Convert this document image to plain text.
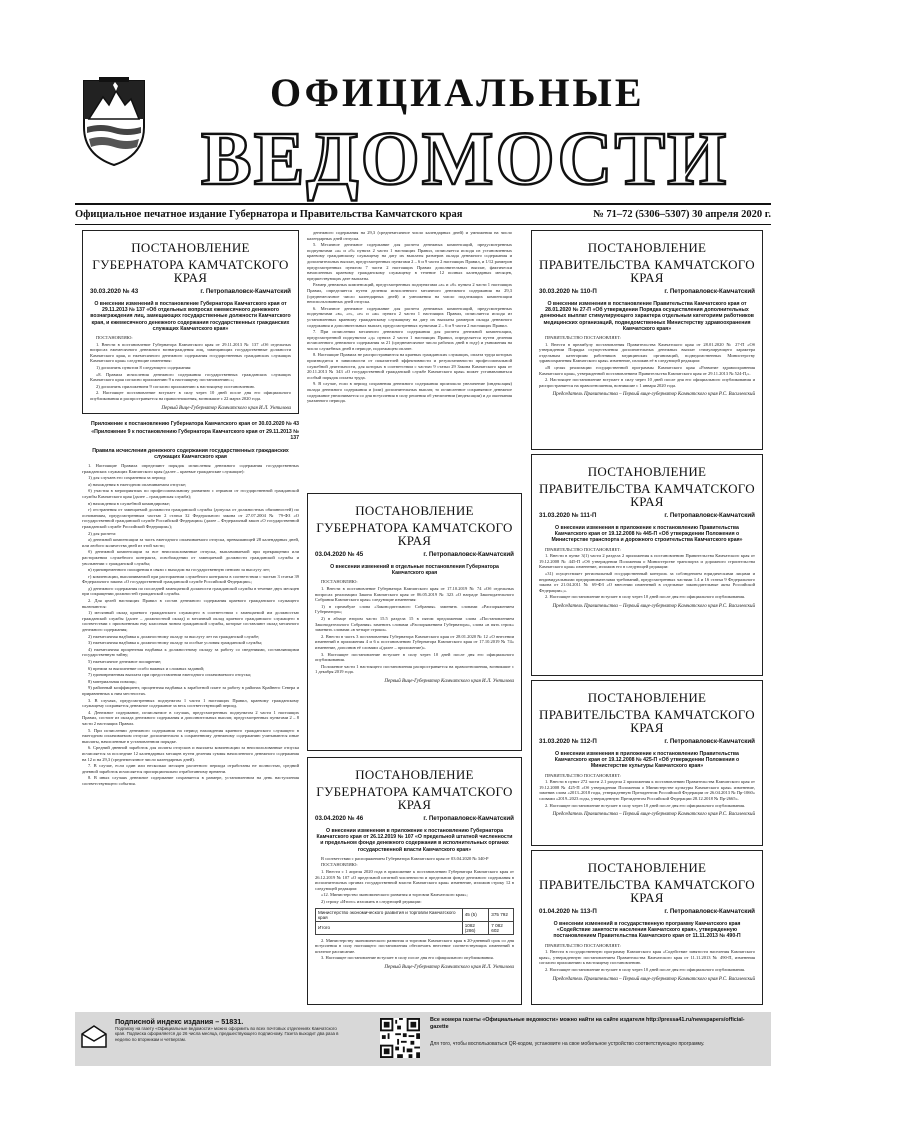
ОФИЦИАЛЬНЫЕ
ВЕДОМОСТИ
Официальное печатное издание Губернатора и Правительства Камчатского края	№ 71–72 (5306–5307) 30 апреля 2020 г.
ПОСТАНОВЛЕНИЕ
ГУБЕРНАТОРА КАМЧАТСКОГО КРАЯ
30.03.2020 № 43	г. Петропавловск-Камчатский
О внесении изменений в постановление Губернатора Камчатского края от 29.11.2013 № 137 «Об отдельных вопросах ежемесячного денежного вознаграждения лиц, замещающих государственные должности Камчатского края, и ежемесячного денежного содержания государственных гражданских служащих Камчатского края»

ПОСТАНОВЛЯЮ:

1. Внести в постановление Губернатора Камчатского края от 29.11.2013 № 137 «Об отдельных вопросах ежемесячного денежного вознаграждения лиц, замещающих государственные должности Камчатского края, и ежемесячного денежного содержания государственных гражданских служащих Камчатского края» следующие изменения:

1) дополнить пунктом 8 следующего содержания:

«8. Правила исчисления денежного содержания государственных гражданских служащих Камчатского края согласно приложению 9 к настоящему постановлению.»;

2) дополнить приложением 9 согласно приложению к настоящему постановлению.

2. Настоящее постановление вступает в силу через 10 дней после дня его официального опубликования и распространяется на правоотношения, возникшие с 22 марта 2020 года.

Первый Вице-Губернатор Камчатского края И.Л. Унтилова
Приложение к постановлению Губернатора Камчатского края от 30.03.2020 № 43
«Приложение 9 к постановлению Губернатора Камчатского края от 29.11.2013 № 137
Правила исчисления денежного содержания государственных гражданских служащих Камчатского края

1. Настоящие Правила определяют порядок исчисления денежного содержания государственных гражданских служащих Камчатского края (далее – краевые гражданские служащие):

1) для случаев его сохранения за период:

а) нахождения в ежегодном оплачиваемом отпуске;

б) участия в мероприятиях по профессиональному развитию с отрывом от государственной гражданской службы Камчатского края (далее – гражданская служба);

в) нахождения в служебной командировке;

г) отстранения от замещаемой должности гражданской службы (допуска от должностных обязанностей) по основаниям, предусмотренным частью 2 статьи 32 Федерального закона от 27.07.2004 № 79-ФЗ «О государственной гражданской службе Российской Федерации» (далее – Федеральный закон «О государственной гражданской службе Российской Федерации»);

2) для расчета:

а) денежной компенсации за часть ежегодного оплачиваемого отпуска, превышающей 28 календарных дней, или любого количества дней из этой части;

б) денежной компенсации за все неиспользованные отпуска, выплачиваемой при прекращении или расторжении служебного контракта, освобождении от замещаемой должности гражданской службы и увольнении с гражданской службы;

в) единовременного поощрения в связи с выходом на государственную пенсию за выслугу лет;

г) компенсации, выплачиваемой при расторжении служебного контракта в соответствии с частью 3 статьи 39 Федерального закона «О государственной гражданской службе Российской Федерации»;

д) денежного содержания по последней замещаемой должности гражданской службы в течение двух месяцев при сокращении должностей гражданской службы.

2. Для целей настоящих Правил в состав денежного содержания краевого гражданского служащего включаются:

1) месячный оклад краевого гражданского служащего в соответствии с замещаемой им должностью гражданской службы (далее – должностной оклад) и месячный оклад краевого гражданского служащего в соответствии с присвоенным ему классным чином гражданской службы, которые составляют оклад месячного денежного содержания;

2) ежемесячная надбавка к должностному окладу за выслугу лет на гражданской службе;

3) ежемесячная надбавка к должностному окладу за особые условия гражданской службы;

4) ежемесячная процентная надбавка к должностному окладу за работу со сведениями, составляющими государственную тайну;

5) ежемесячное денежное поощрение;

6) премии за выполнение особо важных и сложных заданий;

7) единовременная выплата при предоставлении ежегодного оплачиваемого отпуска;

8) материальная помощь;

9) районный коэффициент, процентная надбавка к заработной плате за работу в районах Крайнего Севера и приравненных к ним местностях.

3. В случаях, предусмотренных подпунктом 1 части 1 настоящих Правил, краевому гражданскому служащему сохраняется денежное содержание за весь соответствующий период.

4. Денежное содержание, исчисляемое в случаях, предусмотренных подпунктом 2 части 1 настоящих Правил, состоит из оклада денежного содержания и дополнительных выплат, предусмотренных пунктами 2 – 8 части 2 настоящих Правил.

5. При исчислении денежного содержания на период нахождения краевого гражданского служащего в ежегодном оплачиваемом отпуске дополнительно к сохраненному денежному содержанию учитываются иные выплаты, начисленные в установленном порядке.

6. Средний дневной заработок для оплаты отпусков и выплаты компенсации за неиспользованные отпуска исчисляется за последние 12 календарных месяцев путем деления суммы начисленного денежного содержания на 12 и на 29,3 (среднемесячное число календарных дней).

7. В случае, если один или несколько месяцев расчетного периода отработаны не полностью, средний дневной заработок исчисляется пропорционально отработанному времени.

8. В иных случаях денежное содержание сохраняется в размере, установленном на день наступления соответствующего события.

денежного содержания на 29,3 (среднемесячное число календарных дней) и умножения на число календарных дней отпуска.

5. Месячное денежное содержание для расчета денежных компенсаций, предусмотренных подпунктами «а» и «б» пункта 2 части 1 настоящих Правил, исчисляется исходя из установленных краевому гражданскому служащему на дату их выплаты размеров оклада денежного содержания и дополнительных выплат, предусмотренных пунктами 2 – 6 и 9 части 2 настоящих Правил, и 1/12 размеров предусмотренных пунктом 7 части 2 настоящих Правил дополнительных выплат, фактически начисленных краевому гражданскому служащему в течение 12 полных календарных месяцев, предшествующих дате выплаты.

Размер денежных компенсаций, предусмотренных подпунктами «а» и «б» пункта 2 части 1 настоящих Правил, определяется путем деления исчисленного месячного денежного содержания на 29,3 (среднемесячное число календарных дней) и умножения на число подлежащих компенсации неиспользованных дней отпуска.

6. Месячное денежное содержание для расчета денежных компенсаций, предусмотренных подпунктами «в», «г», «е» и «ж» пункта 2 части 1 настоящих Правил, исчисляется исходя из установленных краевому гражданскому служащему на дату их выплаты размеров оклада денежного содержания и дополнительных выплат, предусмотренных пунктами 2 – 6 и 9 части 2 настоящих Правил.

7. При исчислении месячного денежного содержания для расчета денежной компенсации, предусмотренной подпунктом «д» пункта 2 части 1 настоящих Правил, определяется путем деления исчисленного денежного содержания за 21 (среднемесячное число рабочих дней в году) и умножения на число служебных дней в периоде, подлежащем оплате.

8. Настоящие Правила не распространяются на краевых гражданских служащих, оплата труда которых производится в зависимости от показателей эффективности и результативности профессиональной служебной деятельности, для которых в соответствии с частью 9 статьи 29 Закона Камчатского края от 20.11.2013 № 343 «О государственной гражданской службе Камчатского края» может устанавливаться особый порядок оплаты труда.

9. В случае, если в период сохранения денежного содержания произошло увеличение (индексация) оклада денежного содержания и (или) дополнительных выплат, то исчисленное сохраняемое денежное содержание увеличивается со дня вступления в силу решения об увеличении (индексации) и до окончания указанного периода.

ПОСТАНОВЛЕНИЕ
ГУБЕРНАТОРА КАМЧАТСКОГО КРАЯ
03.04.2020 № 45	г. Петропавловск-Камчатский
О внесении изменений в отдельные постановления Губернатора Камчатского края

ПОСТАНОВЛЯЮ:

1. Внести в постановление Губернатора Камчатского края от 17.10.2019 № 74 «Об отдельных вопросах реализации Закона Камчатского края от 06.05.2019 № 323 «О награде Законодательного Собрания Камчатского края» следующие изменения:

1) в преамбуле слова «Законодательного Собрания» заменить словами «Распоряжением Губернатора»;

2) в абзаце втором части 15.5 раздела 15 в пятом предложении слова «Постановлением Законодательного Собрания» заменить словами «Распоряжением Губернатора», слова «в пять строк» заменить словами «в четыре строки».

2. Внести в часть 3 постановления Губернатора Камчатского края от 28.01.2020 № 12 «О внесении изменений в приложения 4 и 6 к постановлению Губернатора Камчатского края от 17.10.2019 № 74» изменение, дополнив её словами «(далее – приложение)».

3. Настоящее постановление вступает в силу через 10 дней после дня его официального опубликования.

Положение части 1 настоящего постановления распространяется на правоотношения, возникшие с 1 декабря 2019 года.

Первый Вице-Губернатор Камчатского края И.Л. Унтилова
ПОСТАНОВЛЕНИЕ
ГУБЕРНАТОРА КАМЧАТСКОГО КРАЯ
03.04.2020 № 46	г. Петропавловск-Камчатский
О внесении изменения в приложение к постановлению Губернатора Камчатского края от 26.12.2019 № 107 «О предельной штатной численности и предельном фонде денежного содержания в исполнительных органах государственной власти Камчатского края»

В соответствии с распоряжением Губернатора Камчатского края от 03.04.2020 № 340-Р

ПОСТАНОВЛЯЮ:

1. Внести с 1 апреля 2020 года в приложение к постановлению Губернатора Камчатского края от 26.12.2019 № 107 «О предельной штатной численности и предельном фонде денежного содержания в исполнительных органах государственной власти Камчатского края» изменение, изложив строку 12 в следующей редакции:

«12. Министерство экономического развития и торговли Камчатского края»;

2) строку «Итого» изложить в следующей редакции:

Министерство экономического развития и торговли Камчатского края	45 (5)	375 792
Итого	1082 (286)	7 082 602

2. Министерству экономического развития и торговли Камчатского края в 20-дневный срок со дня вступления в силу настоящего постановления обеспечить внесение соответствующих изменений в штатное расписание.

3. Настоящее постановление вступает в силу после дня его официального опубликования.

Первый Вице-Губернатор Камчатского края И.Л. Унтилова
ПОСТАНОВЛЕНИЕ
ПРАВИТЕЛЬСТВА КАМЧАТСКОГО КРАЯ
30.03.2020 № 110-П	г. Петропавловск-Камчатский
О внесении изменения в постановление Правительства Камчатского края от 28.01.2020 № 27-П «Об утверждении Порядка осуществления дополнительных денежных выплат стимулирующего характера отдельным категориям работников медицинских организаций, подведомственных Министерству здравоохранения Камчатского края»

ПРАВИТЕЛЬСТВО ПОСТАНОВЛЯЕТ:

1. Внести в преамбулу постановления Правительства Камчатского края от 28.01.2020 № 27-П «Об утверждении Порядка осуществления дополнительных денежных выплат стимулирующего характера отдельным категориям работников медицинских организаций, подведомственных Министерству здравоохранения Камчатского края» изменение, изложив её в следующей редакции:

«В целях реализации государственной программы Камчатского края «Развитие здравоохранения Камчатского края», утвержденной постановлением Правительства Камчатского края от 29.11.2013 № 524-П,».

2. Настоящее постановление вступает в силу через 10 дней после дня его официального опубликования и распространяется на правоотношения, возникшие с 1 января 2020 года.

Председатель Правительства – Первый вице-губернатор Камчатского края Р.С. Василевский
ПОСТАНОВЛЕНИЕ
ПРАВИТЕЛЬСТВА КАМЧАТСКОГО КРАЯ
31.03.2020 № 111-П	г. Петропавловск-Камчатский
О внесении изменения в приложение к постановлению Правительства Камчатского края от 19.12.2008 № 445-П «Об утверждении Положения о Министерстве транспорта и дорожного строительства Камчатского края»

ПРАВИТЕЛЬСТВО ПОСТАНОВЛЯЕТ:

1. Внести в пункт 3(1) части 2 раздела 2 приложения к постановлению Правительства Камчатского края от 19.12.2008 № 445-П «Об утверждении Положения о Министерстве транспорта и дорожного строительства Камчатского края» изменение, изложив его в следующей редакции:

«31) осуществляет региональный государственный контроль за соблюдением юридическими лицами и индивидуальными предпринимателями требований, предусмотренных частями 1.4 и 16 статьи 9 Федерального закона от 21.04.2011 № 69-ФЗ «О внесении изменений в отдельные законодательные акты Российской Федерации»;».

2. Настоящее постановление вступает в силу через 10 дней после дня его официального опубликования.

Председатель Правительства – Первый вице-губернатор Камчатского края Р.С. Василевский
ПОСТАНОВЛЕНИЕ
ПРАВИТЕЛЬСТВА КАМЧАТСКОГО КРАЯ
31.03.2020 № 112-П	г. Петропавловск-Камчатский
О внесении изменения в приложение к постановлению Правительства Камчатского края от 19.12.2008 № 425-П «Об утверждении Положения о Министерстве культуры Камчатского края»

ПРАВИТЕЛЬСТВО ПОСТАНОВЛЯЕТ:

1. Внести в пункт 272 части 2.1 раздела 2 приложения к постановлению Правительства Камчатского края от 19.12.2008 № 425-П «Об утверждении Положения о Министерстве культуры Камчатского края» изменение, заменив слова «2013–2018 годы, утвержденную Президентом Российской Федерации от 26.04.2013 № Пр-1060» словами «2019–2023 годы, утвержденную Президентом Российской Федерации 28.12.2018 № Пр-2665».

2. Настоящее постановление вступает в силу через 10 дней после дня его официального опубликования.

Председатель Правительства – Первый вице-губернатор Камчатского края Р.С. Василевский
ПОСТАНОВЛЕНИЕ
ПРАВИТЕЛЬСТВА КАМЧАТСКОГО КРАЯ
01.04.2020 № 113-П	г. Петропавловск-Камчатский
О внесении изменений в государственную программу Камчатского края «Содействие занятости населения Камчатского края», утвержденную постановлением Правительства Камчатского края от 11.11.2013 № 490-П

ПРАВИТЕЛЬСТВО ПОСТАНОВЛЯЕТ:

1. Внести в государственную программу Камчатского края «Содействие занятости населения Камчатского края», утвержденную постановлением Правительства Камчатского края от 11.11.2013 № 490-П, изменения согласно приложению к настоящему постановлению.

2. Настоящее постановление вступает в силу через 10 дней после дня его официального опубликования.

Председатель Правительства – Первый вице-губернатор Камчатского края Р.С. Василевский
Подписной индекс издания – 51831.
Подписку на газету «Официальные ведомости» можно оформить во всех почтовых отделениях Камчатского края. Подписка оформляется до 26 числа месяца, предшествующего подписному. Газета выходит два раза в неделю по вторникам и четвергам.
Все номера газеты «Официальные ведомости» можно найти на сайте издателя http://pressa41.ru/newspapers/official-gazette
Для того, чтобы воспользоваться QR-кодом, установите на свое мобильное устройство соответствующую программу.
